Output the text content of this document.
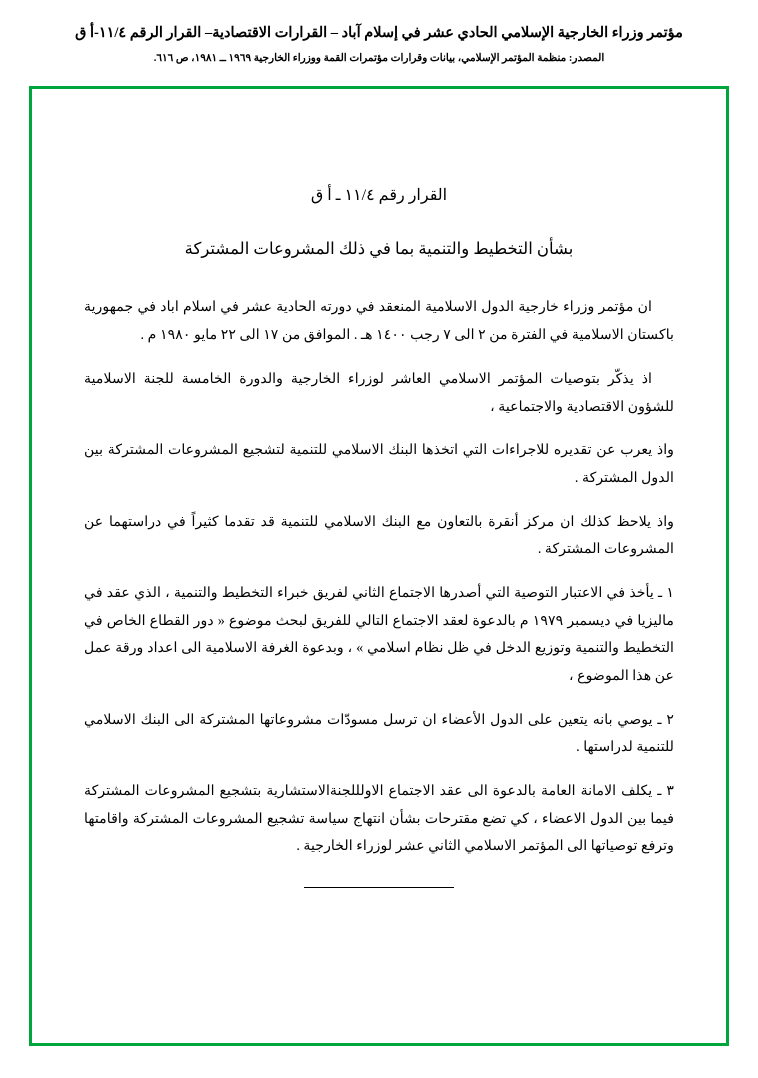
مؤتمر وزراء الخارجية الإسلامي الحادي عشر في إسلام آباد – القرارات الاقتصادية– القرار الرقم ١١/٤-أ ق
المصدر: منظمة المؤتمر الإسلامي، بيانات وقرارات مؤتمرات القمة ووزراء الخارجية ١٩٦٩ ــ ١٩٨١، ص ٦١٦.
القرار رقم ١١/٤ ـ أ ق
بشأن التخطيط والتنمية بما في ذلك المشروعات المشتركة

ان مؤتمر وزراء خارجية الدول الاسلامية المنعقد في دورته الحادية عشر في اسلام اباد في جمهورية باكستان الاسلامية في الفترة من ٢ الى ٧ رجب ١٤٠٠ هـ . الموافق من ١٧ الى ٢٢ مايو ١٩٨٠ م .

اذ يذكّر بتوصيات المؤتمر الاسلامي العاشر لوزراء الخارجية والدورة الخامسة للجنة الاسلامية للشؤون الاقتصادية والاجتماعية ،

واذ يعرب عن تقديره للاجراءات التي اتخذها البنك الاسلامي للتنمية لتشجيع المشروعات المشتركة بين الدول المشتركة .

واذ يلاحظ كذلك ان مركز أنقرة بالتعاون مع البنك الاسلامي للتنمية قد تقدما كثيراً في دراستهما عن المشروعات المشتركة .

١ ـ يأخذ في الاعتبار التوصية التي أصدرها الاجتماع الثاني لفريق خبراء التخطيط والتنمية ، الذي عقد في ماليزيا في ديسمبر ١٩٧٩ م بالدعوة لعقد الاجتماع التالي للفريق لبحث موضوع « دور القطاع الخاص في التخطيط والتنمية وتوزيع الدخل في ظل نظام اسلامي » ، وبدعوة الغرفة الاسلامية الى اعداد ورقة عمل عن هذا الموضوع ،

٢ ـ يوصي بانه يتعين على الدول الأعضاء ان ترسل مسودّات مشروعاتها المشتركة الى البنك الاسلامي للتنمية لدراستها .

٣ ـ يكلف الامانة العامة بالدعوة الى عقد الاجتماع الاولللجنةالاستشارية بتشجيع المشروعات المشتركة فيما بين الدول الاعضاء ، كي تضع مقترحات بشأن انتهاج سياسة تشجيع المشروعات المشتركة واقامتها وترفع توصياتها الى المؤتمر الاسلامي الثاني عشر لوزراء الخارجية .
